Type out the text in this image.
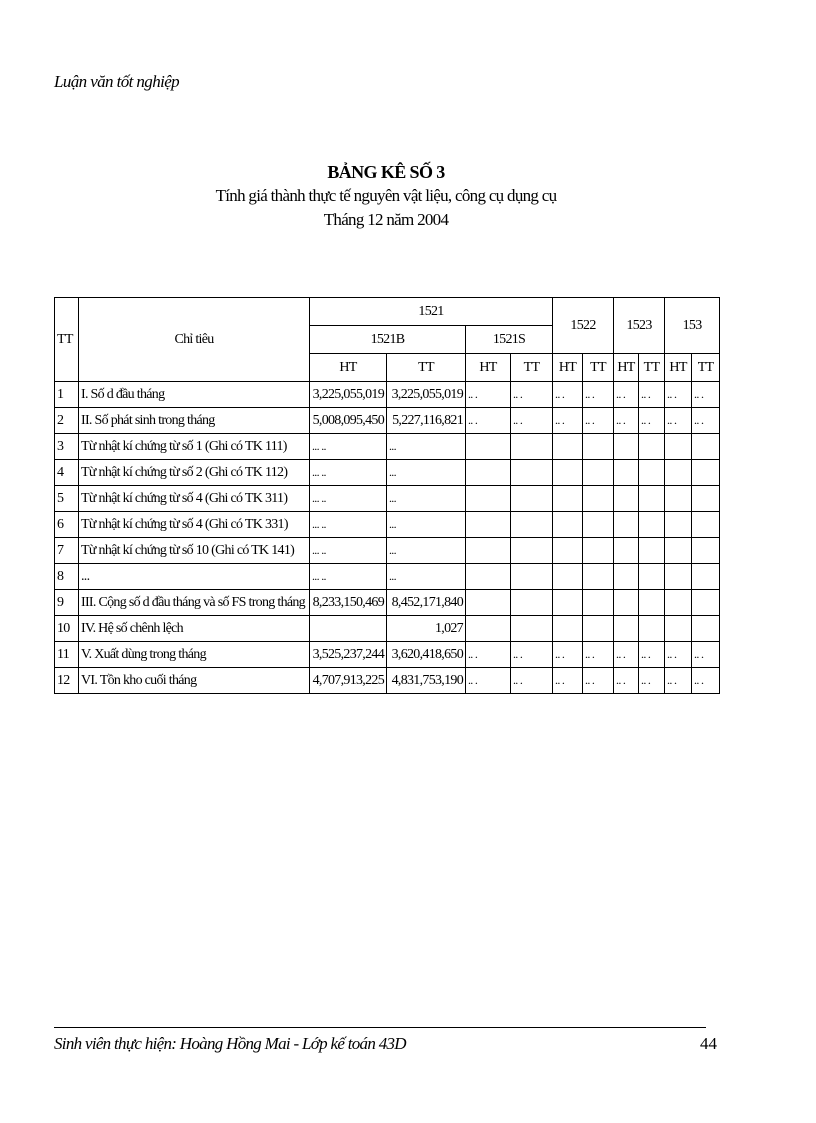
Luận văn tốt nghiệp
BẢNG KÊ SỐ 3
Tính giá thành thực tế nguyên vật liệu, công cụ dụng cụ
Tháng 12 năm 2004
TT	Chỉ tiêu	1521				1522		1523		153	
		1521B		1521S							
		HT	TT	HT	TT	HT	TT	HT	TT	HT	TT
1	I. Số d đầu tháng	3,225,055,019	3,225,055,019	.. .	.. .	.. .	.. .	.. .	.. .	.. .	.. .
2	II. Số phát sinh trong tháng	5,008,095,450	5,227,116,821	.. .	.. .	.. .	.. .	.. .	.. .	.. .	.. .
3	Từ nhật kí chứng từ số 1 (Ghi có TK 111)	... ..	...								
4	Từ nhật kí chứng từ số 2 (Ghi có TK 112)	... ..	...								
5	Từ nhật kí chứng từ số 4 (Ghi có TK 311)	... ..	...								
6	Từ nhật kí chứng từ số 4 (Ghi có TK 331)	... ..	...								
7	Từ nhật kí chứng từ số 10 (Ghi có TK 141)	... ..	...								
8	...	... ..	...								
9	III. Cộng số d đầu tháng và số FS trong tháng	8,233,150,469	8,452,171,840								
10	IV. Hệ số chênh lệch		1,027								
11	V. Xuất dùng trong tháng	3,525,237,244	3,620,418,650	.. .	.. .	.. .	.. .	.. .	.. .	.. .	.. .
12	VI. Tồn kho cuối tháng	4,707,913,225	4,831,753,190	.. .	.. .	.. .	.. .	.. .	.. .	.. .	.. .
Sinh viên thực hiện: Hoàng Hồng Mai - Lớp kế toán 43D	44
